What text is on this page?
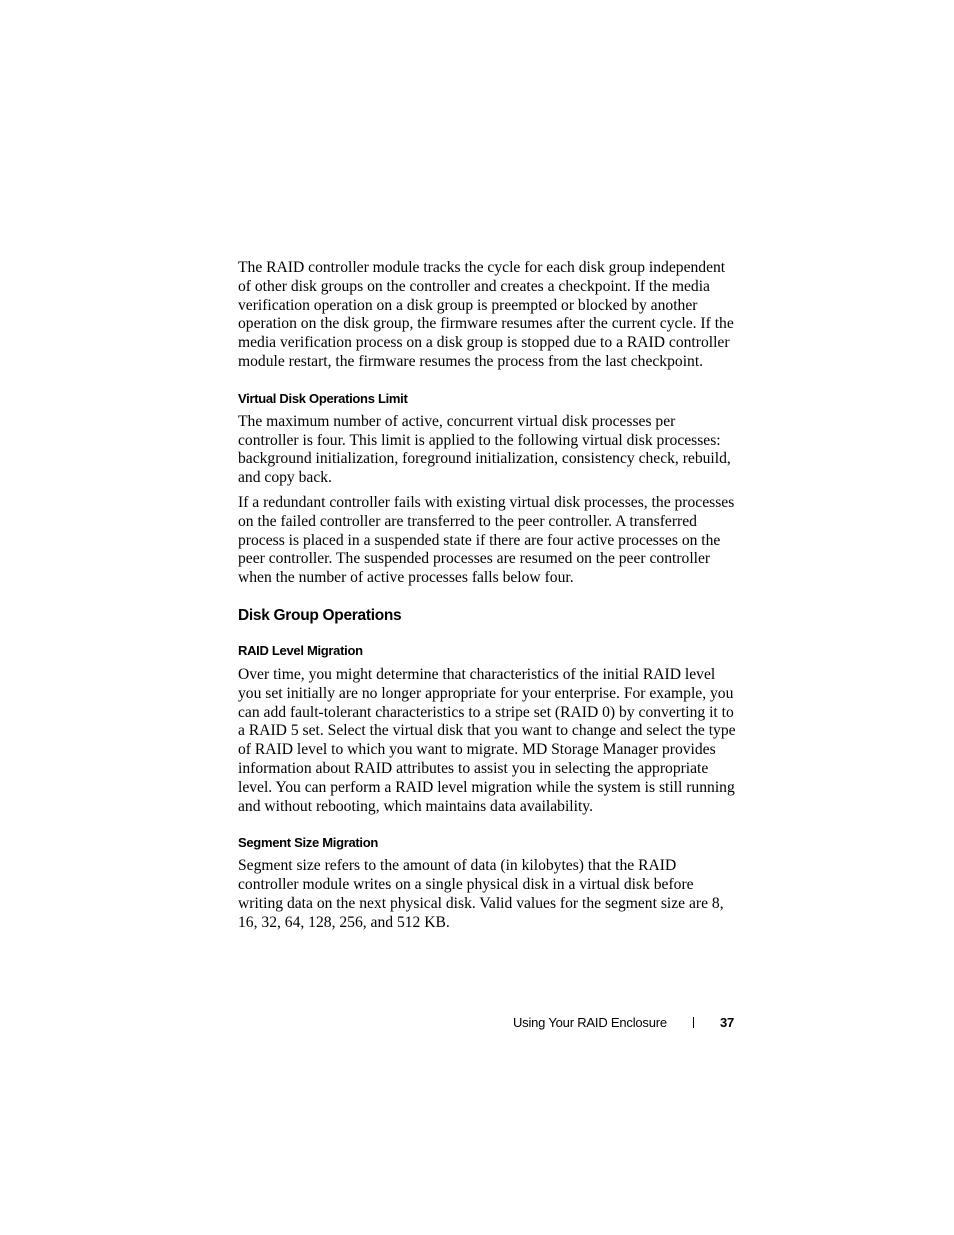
The RAID controller module tracks the cycle for each disk group independent of other disk groups on the controller and creates a checkpoint. If the media verification operation on a disk group is preempted or blocked by another operation on the disk group, the firmware resumes after the current cycle. If the media verification process on a disk group is stopped due to a RAID controller module restart, the firmware resumes the process from the last checkpoint.

Virtual Disk Operations Limit

The maximum number of active, concurrent virtual disk processes per controller is four. This limit is applied to the following virtual disk processes: background initialization, foreground initialization, consistency check, rebuild, and copy back.

If a redundant controller fails with existing virtual disk processes, the processes on the failed controller are transferred to the peer controller. A transferred process is placed in a suspended state if there are four active processes on the peer controller. The suspended processes are resumed on the peer controller when the number of active processes falls below four.

Disk Group Operations
RAID Level Migration

Over time, you might determine that characteristics of the initial RAID level you set initially are no longer appropriate for your enterprise. For example, you can add fault-tolerant characteristics to a stripe set (RAID 0) by converting it to a RAID 5 set. Select the virtual disk that you want to change and select the type of RAID level to which you want to migrate. MD Storage Manager provides information about RAID attributes to assist you in selecting the appropriate level. You can perform a RAID level migration while the system is still running and without rebooting, which maintains data availability.

Segment Size Migration

Segment size refers to the amount of data (in kilobytes) that the RAID controller module writes on a single physical disk in a virtual disk before writing data on the next physical disk. Valid values for the segment size are 8, 16, 32, 64, 128, 256, and 512 KB.

Using Your RAID Enclosure	37
